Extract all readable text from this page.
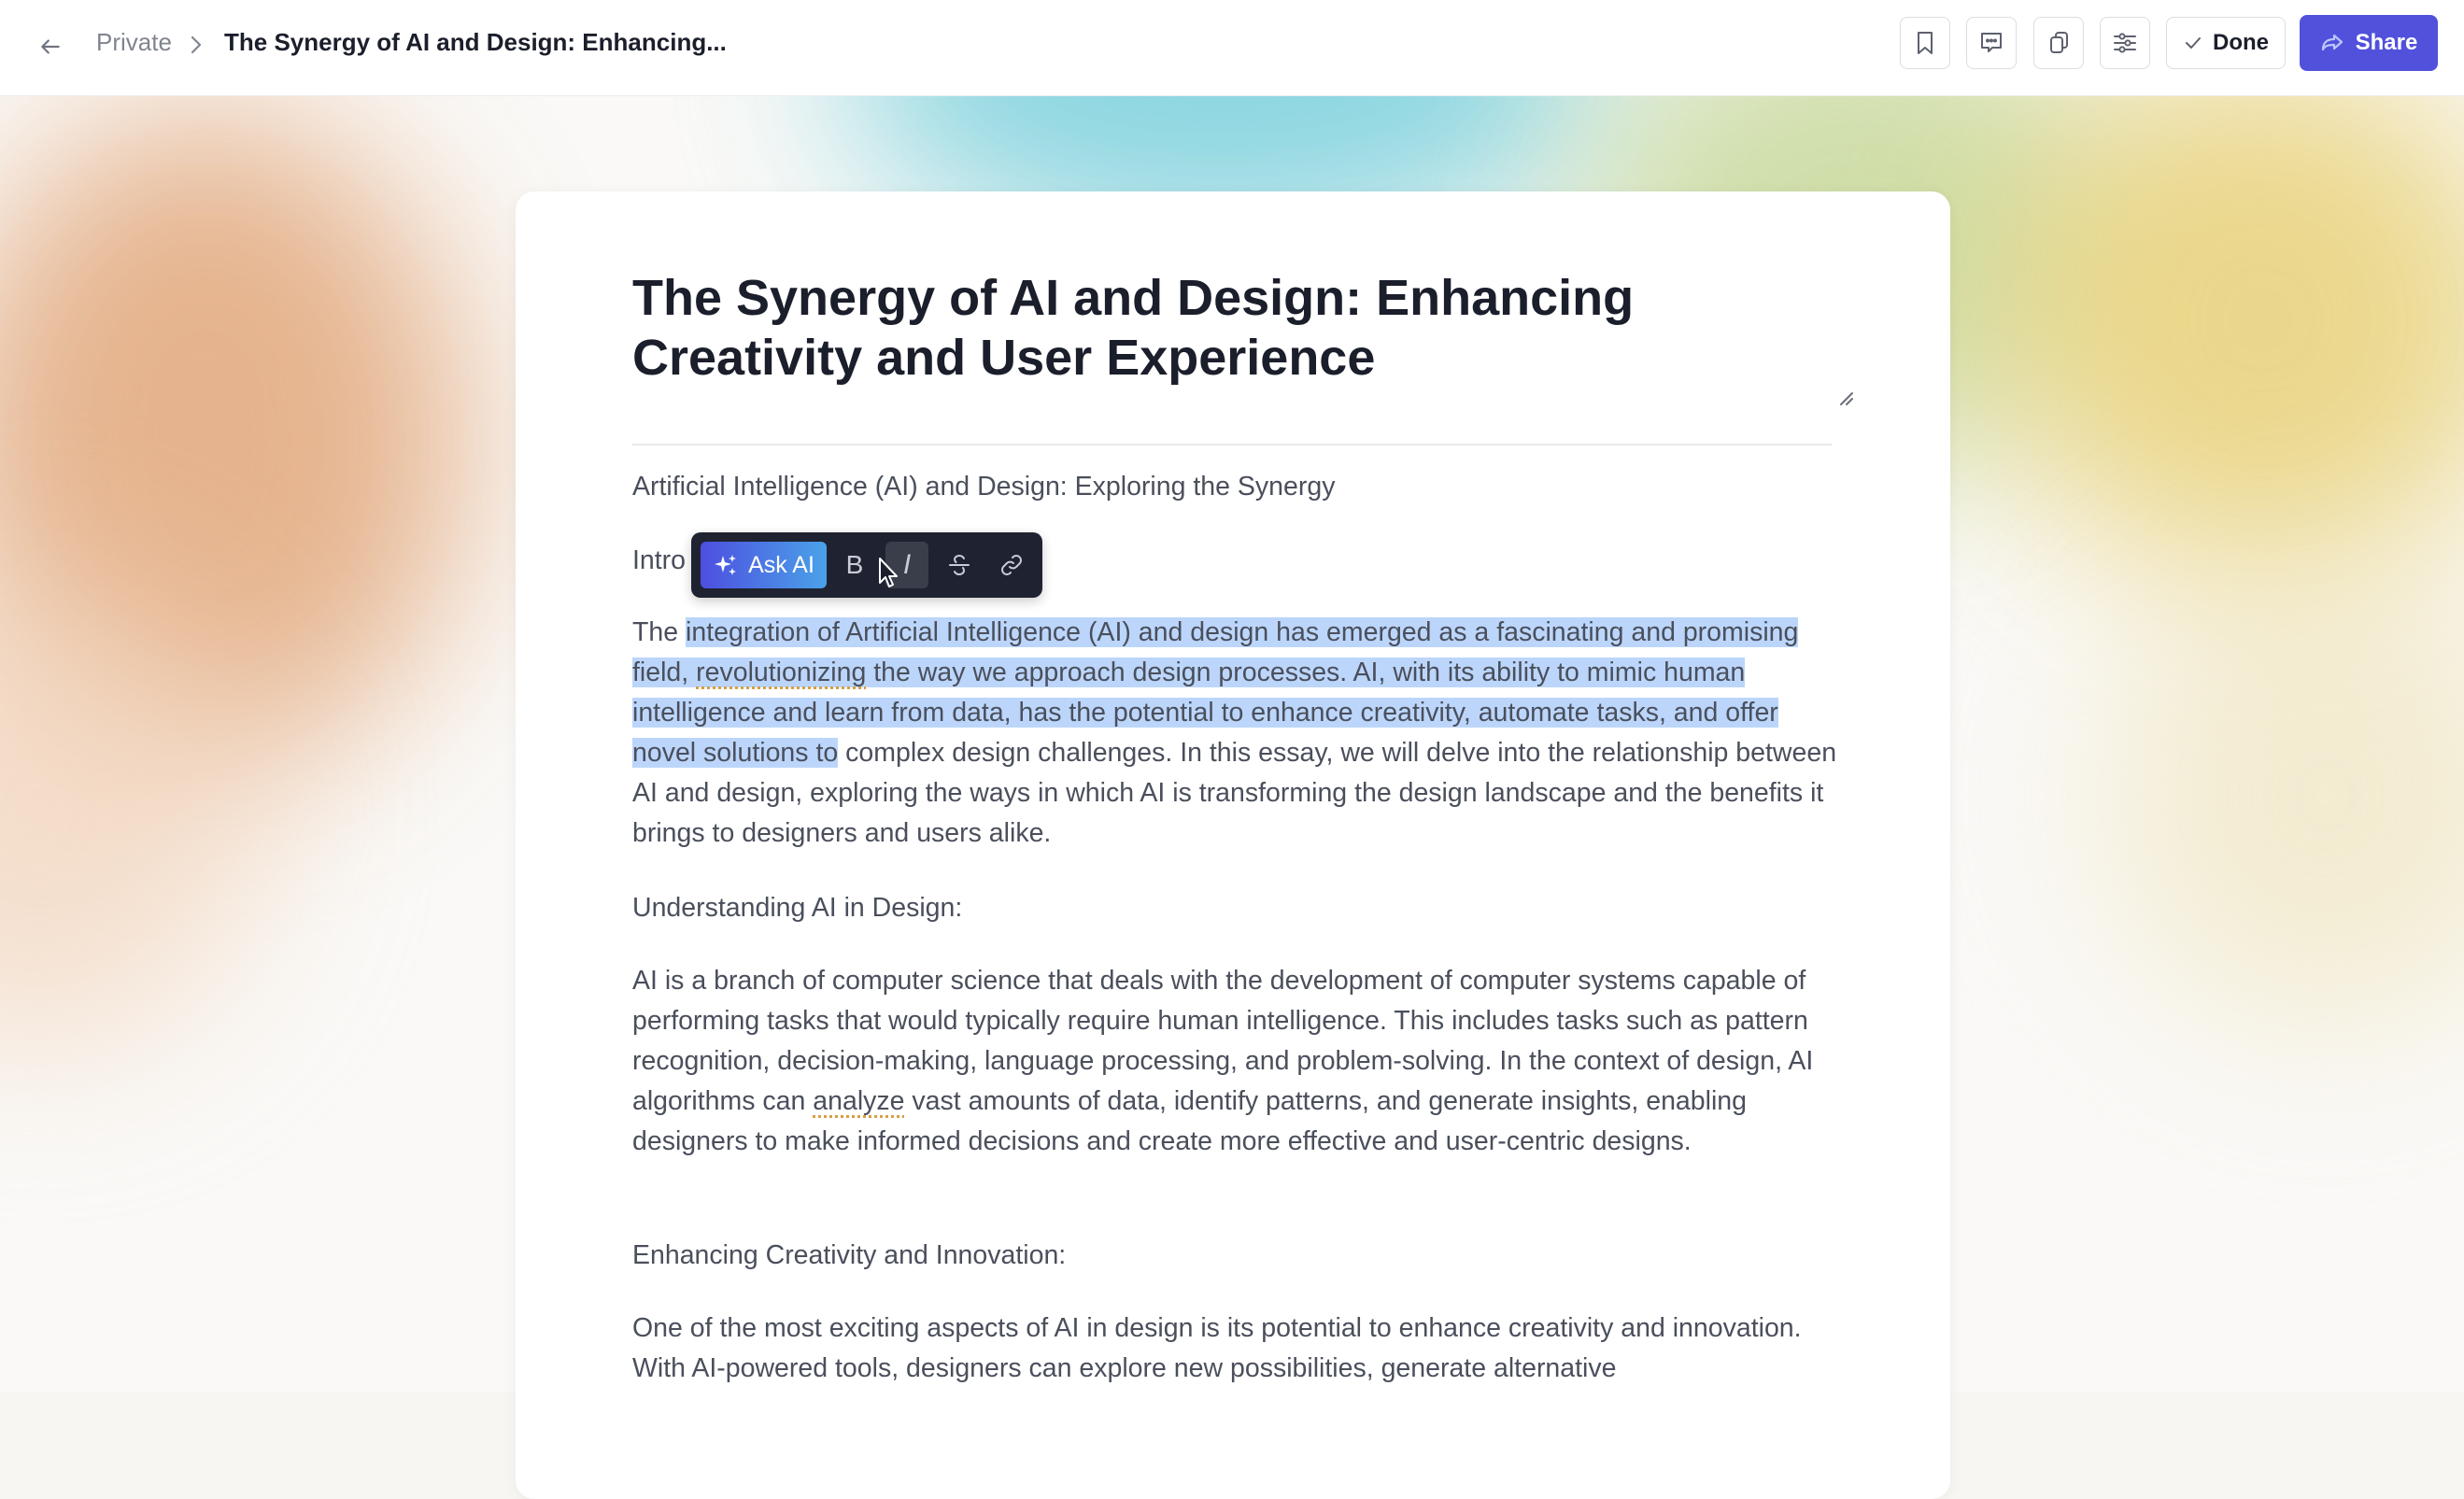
Private The Synergy of AI and Design: Enhancing...	Done	Share
The Synergy of AI and Design: Enhancing Creativity and User Experience
Artificial Intelligence (AI) and Design: Exploring the Synergy
Intro
The integration of Artificial Intelligence (AI) and design has emerged as a fascinating and promising field, revolutionizing the way we approach design processes. AI, with its ability to mimic human intelligence and learn from data, has the potential to enhance creativity, automate tasks, and offer novel solutions to complex design challenges. In this essay, we will delve into the relationship between AI and design, exploring the ways in which AI is transforming the design landscape and the benefits it brings to designers and users alike.
Understanding AI in Design:
AI is a branch of computer science that deals with the development of computer systems capable of performing tasks that would typically require human intelligence. This includes tasks such as pattern recognition, decision-making, language processing, and problem-solving. In the context of design, AI algorithms can analyze vast amounts of data, identify patterns, and generate insights, enabling designers to make informed decisions and create more effective and user-centric designs.
Enhancing Creativity and Innovation:
One of the most exciting aspects of AI in design is its potential to enhance creativity and innovation. With AI-powered tools, designers can explore new possibilities, generate alternative
Ask AI B I
